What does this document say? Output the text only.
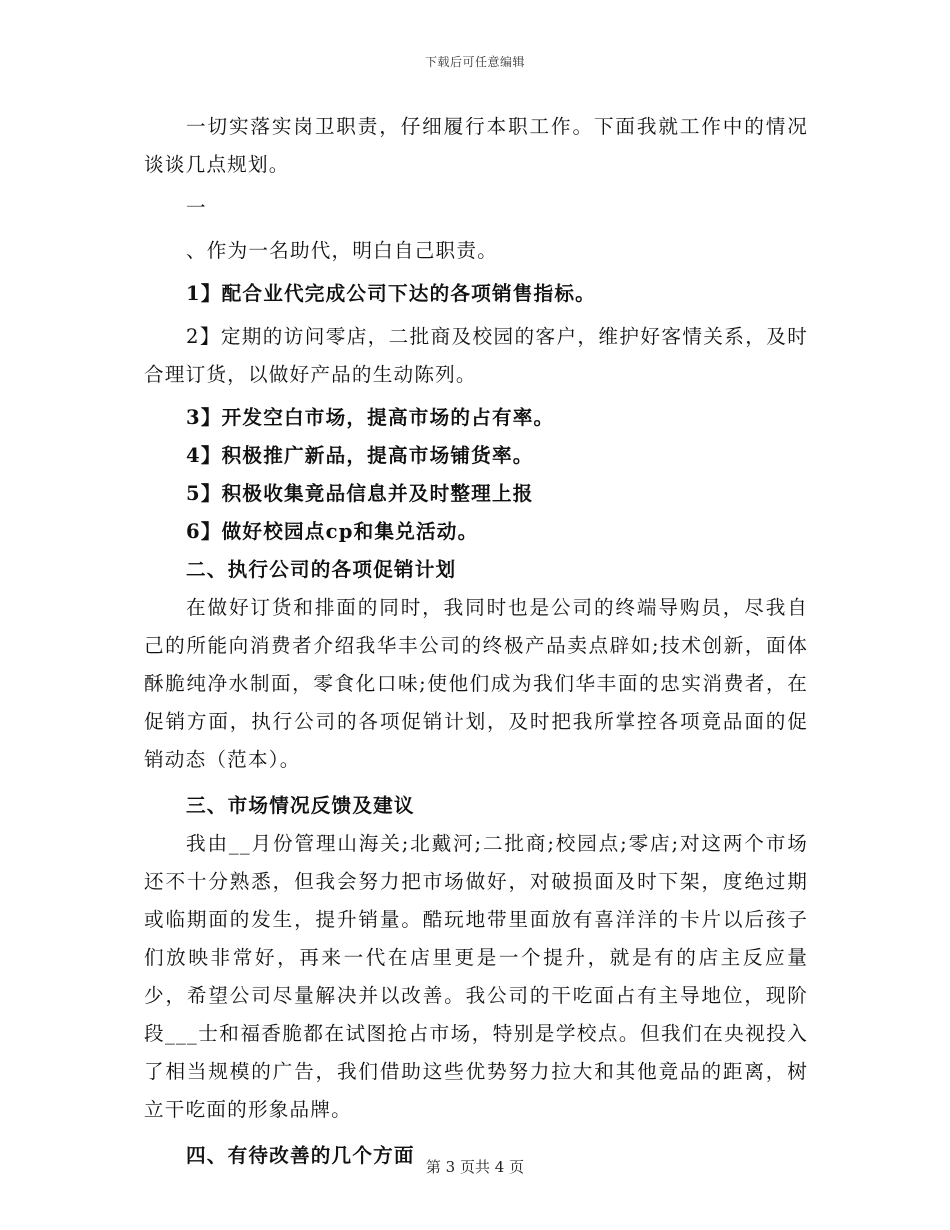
下载后可任意编辑

一切实落实岗卫职责，仔细履行本职工作。下面我就工作中的情况谈谈几点规划。

一

、作为一名助代，明白自己职责。

1】配合业代完成公司下达的各项销售指标。

2】定期的访问零店，二批商及校园的客户，维护好客情关系，及时合理订货，以做好产品的生动陈列。

3】开发空白市场，提高市场的占有率。

4】积极推广新品，提高市场铺货率。

5】积极收集竟品信息并及时整理上报

6】做好校园点cp和集兑活动。

二、执行公司的各项促销计划

在做好订货和排面的同时，我同时也是公司的终端导购员，尽我自己的所能向消费者介绍我华丰公司的终极产品卖点辟如;技术创新，面体酥脆纯净水制面，零食化口味;使他们成为我们华丰面的忠实消费者，在促销方面，执行公司的各项促销计划，及时把我所掌控各项竟品面的促销动态（范本）。

三、市场情况反馈及建议

我由__月份管理山海关;北戴河;二批商;校园点;零店;对这两个市场还不十分熟悉，但我会努力把市场做好，对破损面及时下架，度绝过期或临期面的发生，提升销量。酷玩地带里面放有喜洋洋的卡片以后孩子们放映非常好，再来一代在店里更是一个提升，就是有的店主反应量少，希望公司尽量解决并以改善。我公司的干吃面占有主导地位，现阶段___士和福香脆都在试图抢占市场，特别是学校点。但我们在央视投入了相当规模的广告，我们借助这些优势努力拉大和其他竟品的距离，树立干吃面的形象品牌。

四、有待改善的几个方面 第 3 页共 4 页
